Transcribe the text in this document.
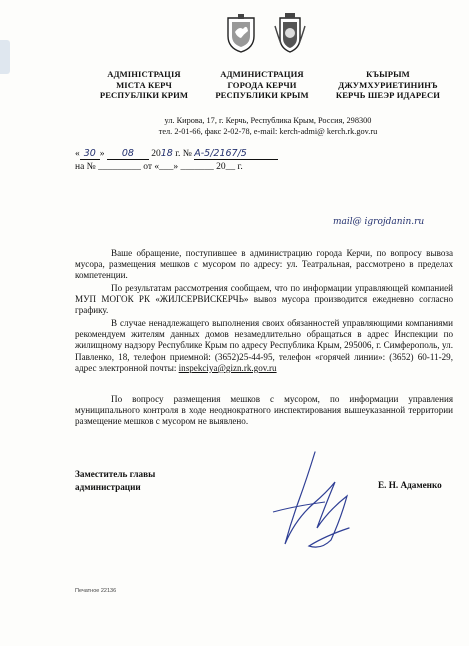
АДМІНІСТРАЦІЯ
МІСТА КЕРЧ
РЕСПУБЛІКИ КРИМ
АДМИНИСТРАЦИЯ
ГОРОДА КЕРЧИ
РЕСПУБЛИКИ КРЫМ
КЪЫРЫМ
ДЖУМХУРИЕТИНИНЪ
КЕРЧЬ ШЕЭР ИДАРЕСИ
ул. Кирова, 17, г. Керчь, Республика Крым, Россия, 298300
тел. 2-01-66, факс 2-02-78, e-mail: kerch-admi@ kerch.rk.gov.ru
« 30 » 08 2018 г. № A-5/2167/5
на № _________ от «___» _______ 20__ г.
mail@ igrojdanin.ru

Ваше обращение, поступившее в администрацию города Керчи, по вопросу вывоза мусора, размещения мешков с мусором по адресу: ул. Театральная, рассмотрено в пределах компетенции.

По результатам рассмотрения сообщаем, что по информации управляющей компанией МУП МОГОК РК «ЖИЛСЕРВИСКЕРЧЬ» вывоз мусора производится ежедневно согласно графику.

В случае ненадлежащего выполнения своих обязанностей управляющими компаниями рекомендуем жителям данных домов незамедлительно обращаться в адрес Инспекции по жилищному надзору Республике Крым по адресу Республика Крым, 295006, г. Симферополь, ул. Павленко, 18, телефон приемной: (3652)25-44-95, телефон «горячей линии»: (3652) 60-11-29, адрес электронной почты: inspekciya@gizn.rk.gov.ru

По вопросу размещения мешков с мусором, по информации управления муниципального контроля в ходе неоднократного инспектирования вышеуказанной территории размещение мешков с мусором не выявлено.

Заместитель главы
администрации	Е. Н. Адаменко
Печатное 22136
